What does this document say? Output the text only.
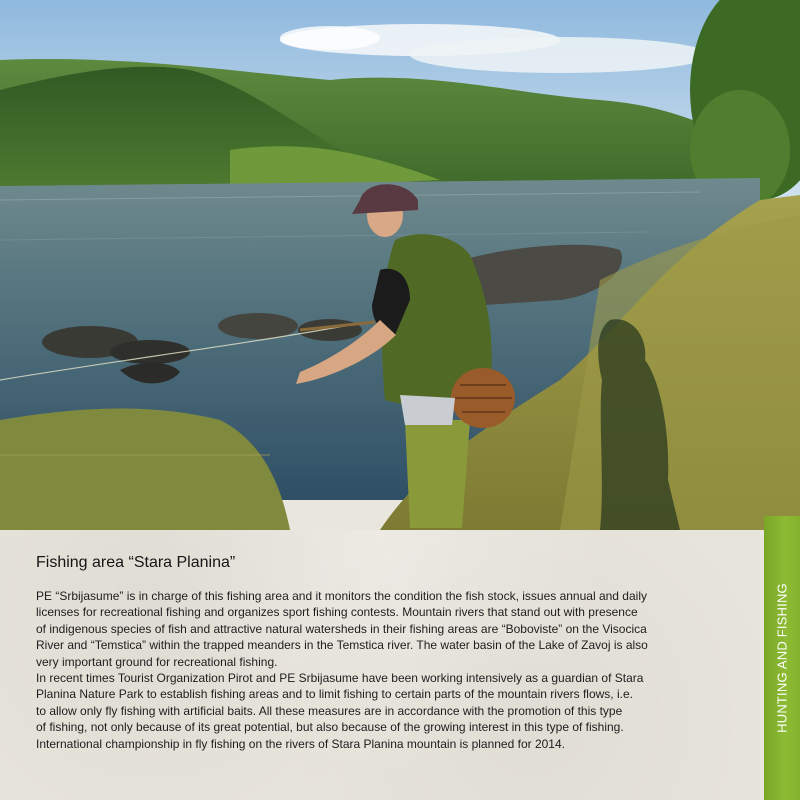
Fishing area “Stara Planina”
PE “Srbijasume” is in charge of this fishing area and it monitors the condition the fish stock, issues annual and daily
licenses for recreational fishing and organizes sport fishing contests. Mountain rivers that stand out with presence
of indigenous species of fish and attractive natural watersheds in their fishing areas are “Boboviste” on the Visocica
River and “Temstica” within the trapped meanders in the Temstica river. The water basin of the Lake of Zavoj is also
very important ground for recreational fishing.
In recent times Tourist Organization Pirot and PE Srbijasume have been working intensively as a guardian of Stara
Planina Nature Park to establish fishing areas and to limit fishing to certain parts of the mountain rivers flows, i.e.
to allow only fly fishing with artificial baits. All these measures are in accordance with the promotion of this type
of fishing, not only because of its great potential, but also because of the growing interest in this type of fishing.
International championship in fly fishing on the rivers of Stara Planina mountain is planned for 2014.
HUNTING AND FISHING
